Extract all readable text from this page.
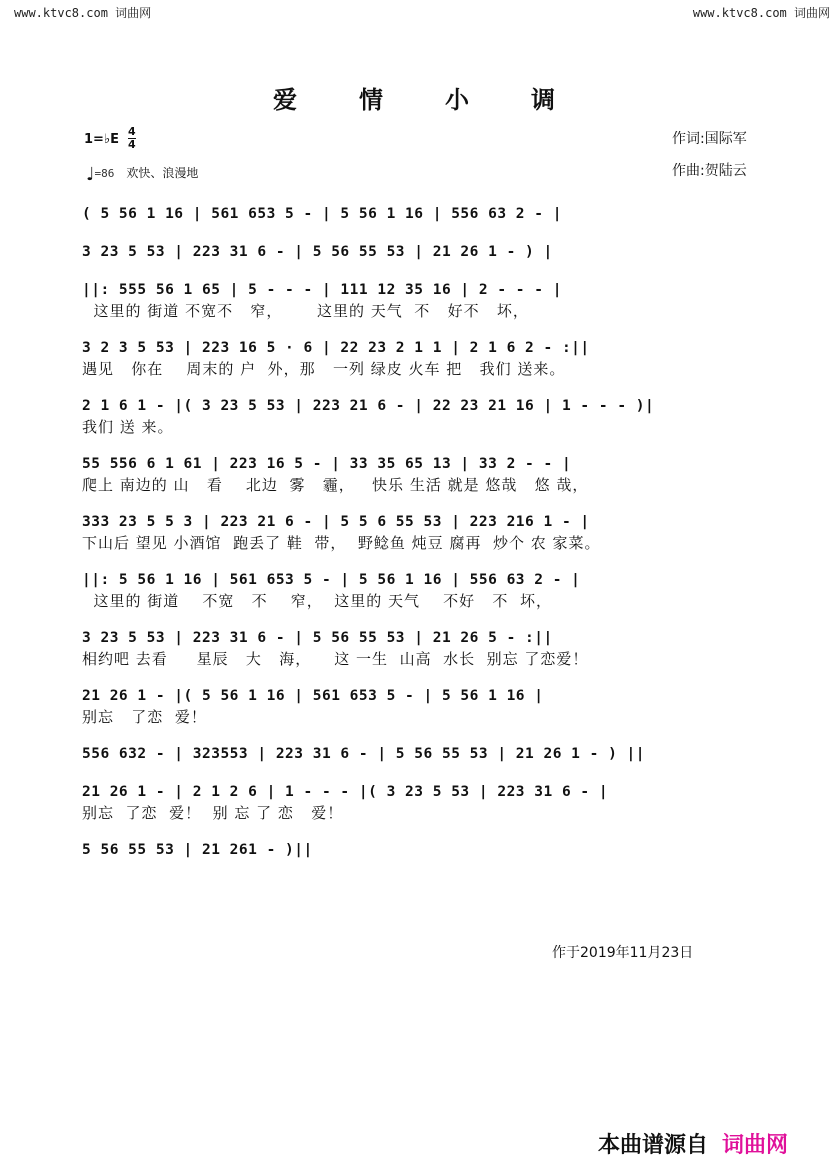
www.ktvc8.com 词曲网	www.ktvc8.com 词曲网
爱情小调
1=♭E
4
4	作词:国际军
作曲:贺陆云
♩=86 欢快、浪漫地
( 5 56 1 16 | 561 653 5 - | 5 56 1 16 | 556 63 2 - |
3 23 5 53 | 223 31 6 - | 5 56 55 53 | 21 26 1 - ) |
||: 555 56 1 65 | 5 - - - | 111 12 35 16 | 2 - - - |
这里的 街道 不宽不   窄，      这里的 天气  不   好不   坏，
3 2 3 5 53 | 223 16 5 · 6 | 22 23 2 1 1 | 2 1 6 2 - :||
遇见   你在    周末的 户  外，那   一列 绿皮 火车 把   我们 送来。
2 1 6 1 - |( 3 23 5 53 | 223 21 6 - | 22 23 21 16 | 1 - - - )|
我们 送 来。
55 556 6 1 61 | 223 16 5 - | 33 35 65 13 | 33 2 - - |
爬上 南边的 山   看    北边  雾   霾，   快乐 生活 就是 悠哉   悠 哉，
333 23 5 5 3 | 223 21 6 - | 5 5 6 55 53 | 223 216 1 - |
下山后 望见 小酒馆  跑丢了 鞋  带，  野鲶鱼 炖豆 腐再  炒个 农 家菜。
||: 5 56 1 16 | 561 653 5 - | 5 56 1 16 | 556 63 2 - |
这里的 街道    不宽   不    窄，  这里的 天气    不好   不  坏，
3 23 5 53 | 223 31 6 - | 5 56 55 53 | 21 26 5 - :||
相约吧 去看     星辰   大   海，    这 一生  山高  水长  别忘 了恋爱！
21 26 1 - |( 5 56 1 16 | 561 653 5 - | 5 56 1 16 |
别忘   了恋  爱！
556 632 - | 323553 | 223 31 6 - | 5 56 55 53 | 21 26 1 - ) ||
21 26 1 - | 2 1 2 6 | 1 - - - |( 3 23 5 53 | 223 31 6 - |
别忘  了恋  爱！  别 忘 了 恋   爱！
5 56 55 53 | 21 261 - )||
作于2019年11月23日
本曲谱源自 词曲网
